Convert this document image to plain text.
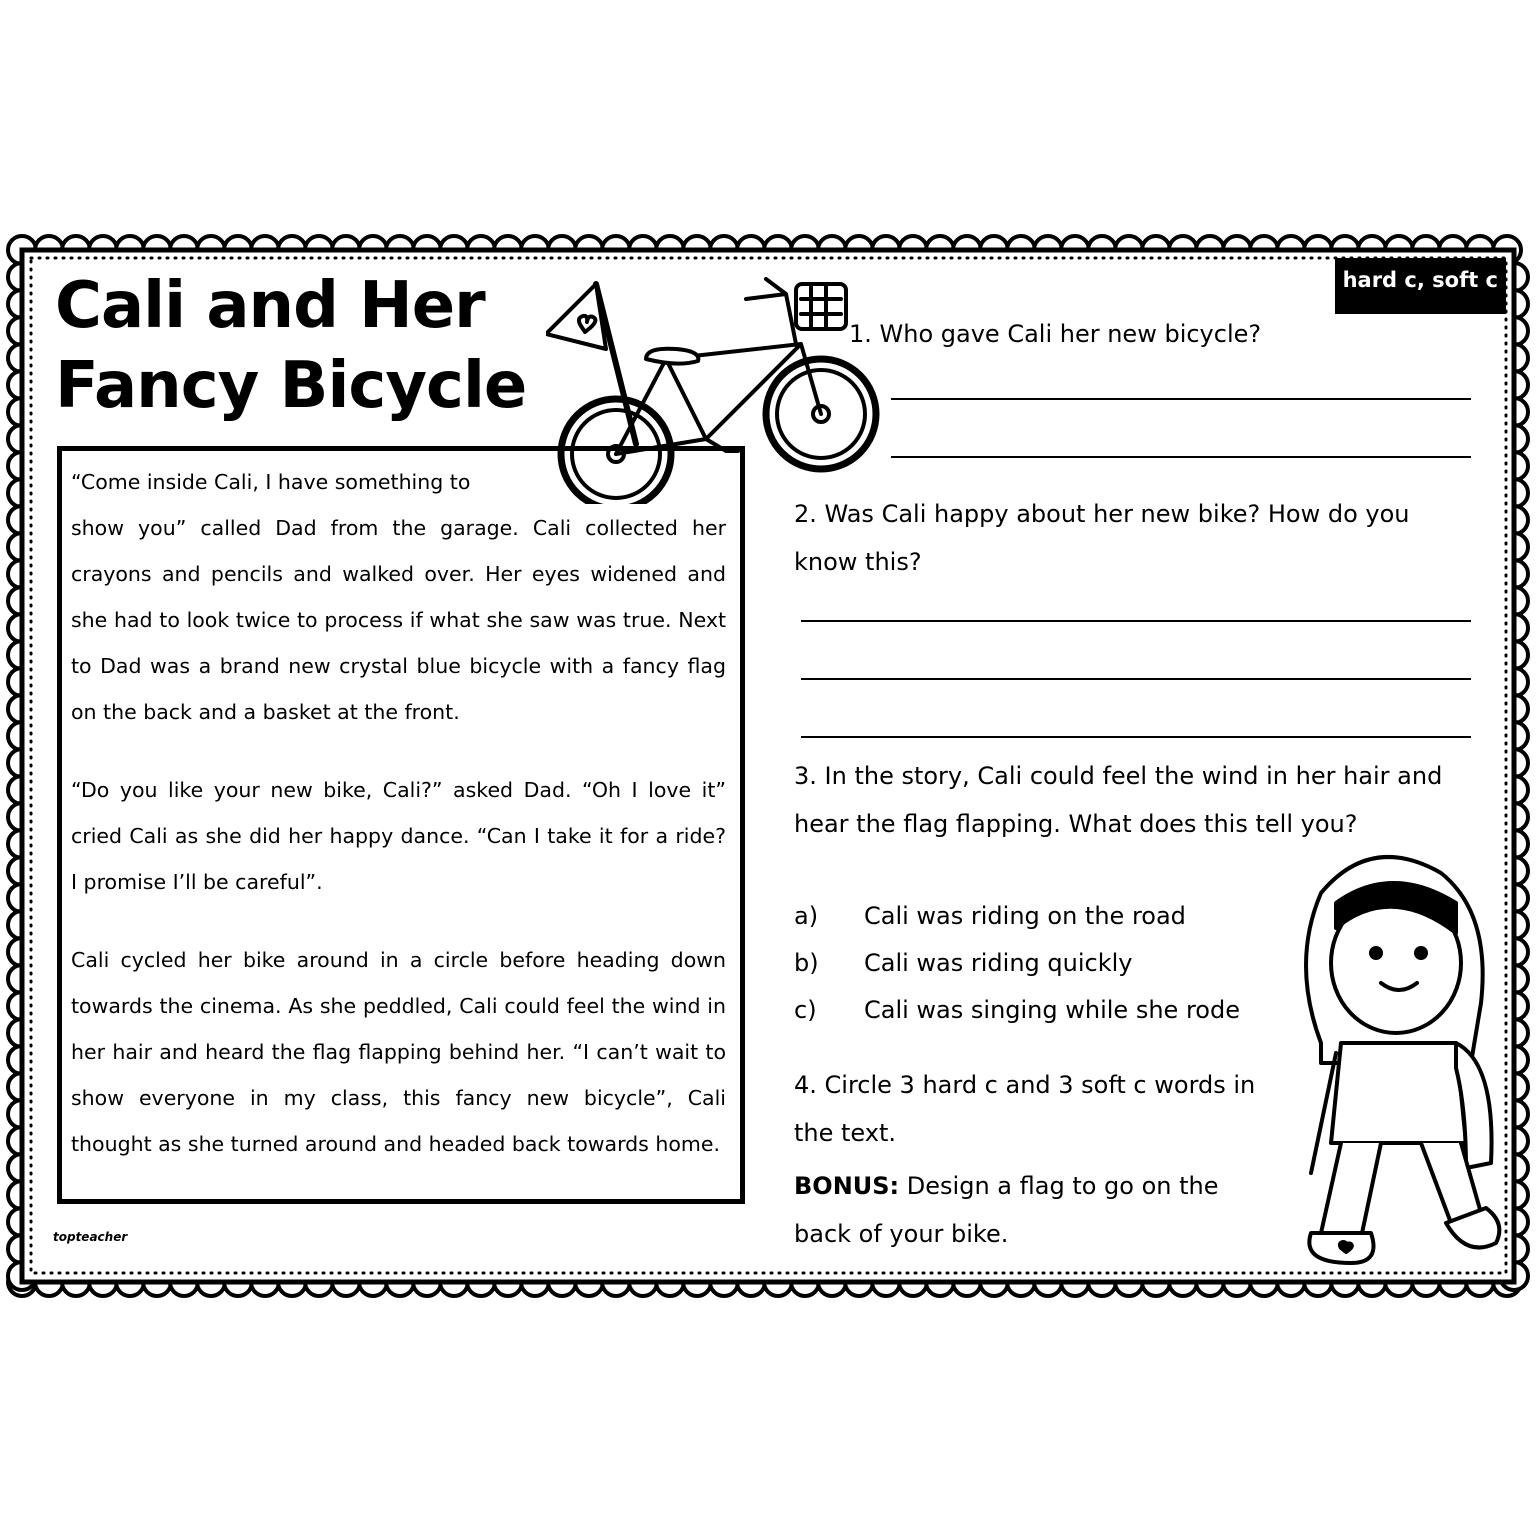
Cali and Her
Fancy Bicycle
hard c, soft c

“Come inside Cali, I have something to
show you” called Dad from the garage. Cali collected her crayons and pencils and walked over. Her eyes widened and she had to look twice to process if what she saw was true. Next to Dad was a brand new crystal blue bicycle with a fancy flag on the back and a basket at the front.

“Do you like your new bike, Cali?” asked Dad. “Oh I love it” cried Cali as she did her happy dance. “Can I take it for a ride? I promise I’ll be careful”.

Cali cycled her bike around in a circle before heading down towards the cinema. As she peddled, Cali could feel the wind in her hair and heard the flag flapping behind her. “I can’t wait to show everyone in my class, this fancy new bicycle”, Cali thought as she turned around and headed back towards home.

1. Who gave Cali her new bicycle?

2. Was Cali happy about her new bike? How do you know this?

3. In the story, Cali could feel the wind in her hair and hear the flag flapping. What does this tell you?

a) Cali was riding on the road
b) Cali was riding quickly
c) Cali was singing while she rode

4. Circle 3 hard c and 3 soft c words in the text.

BONUS: Design a flag to go on the back of your bike.

topteacher
